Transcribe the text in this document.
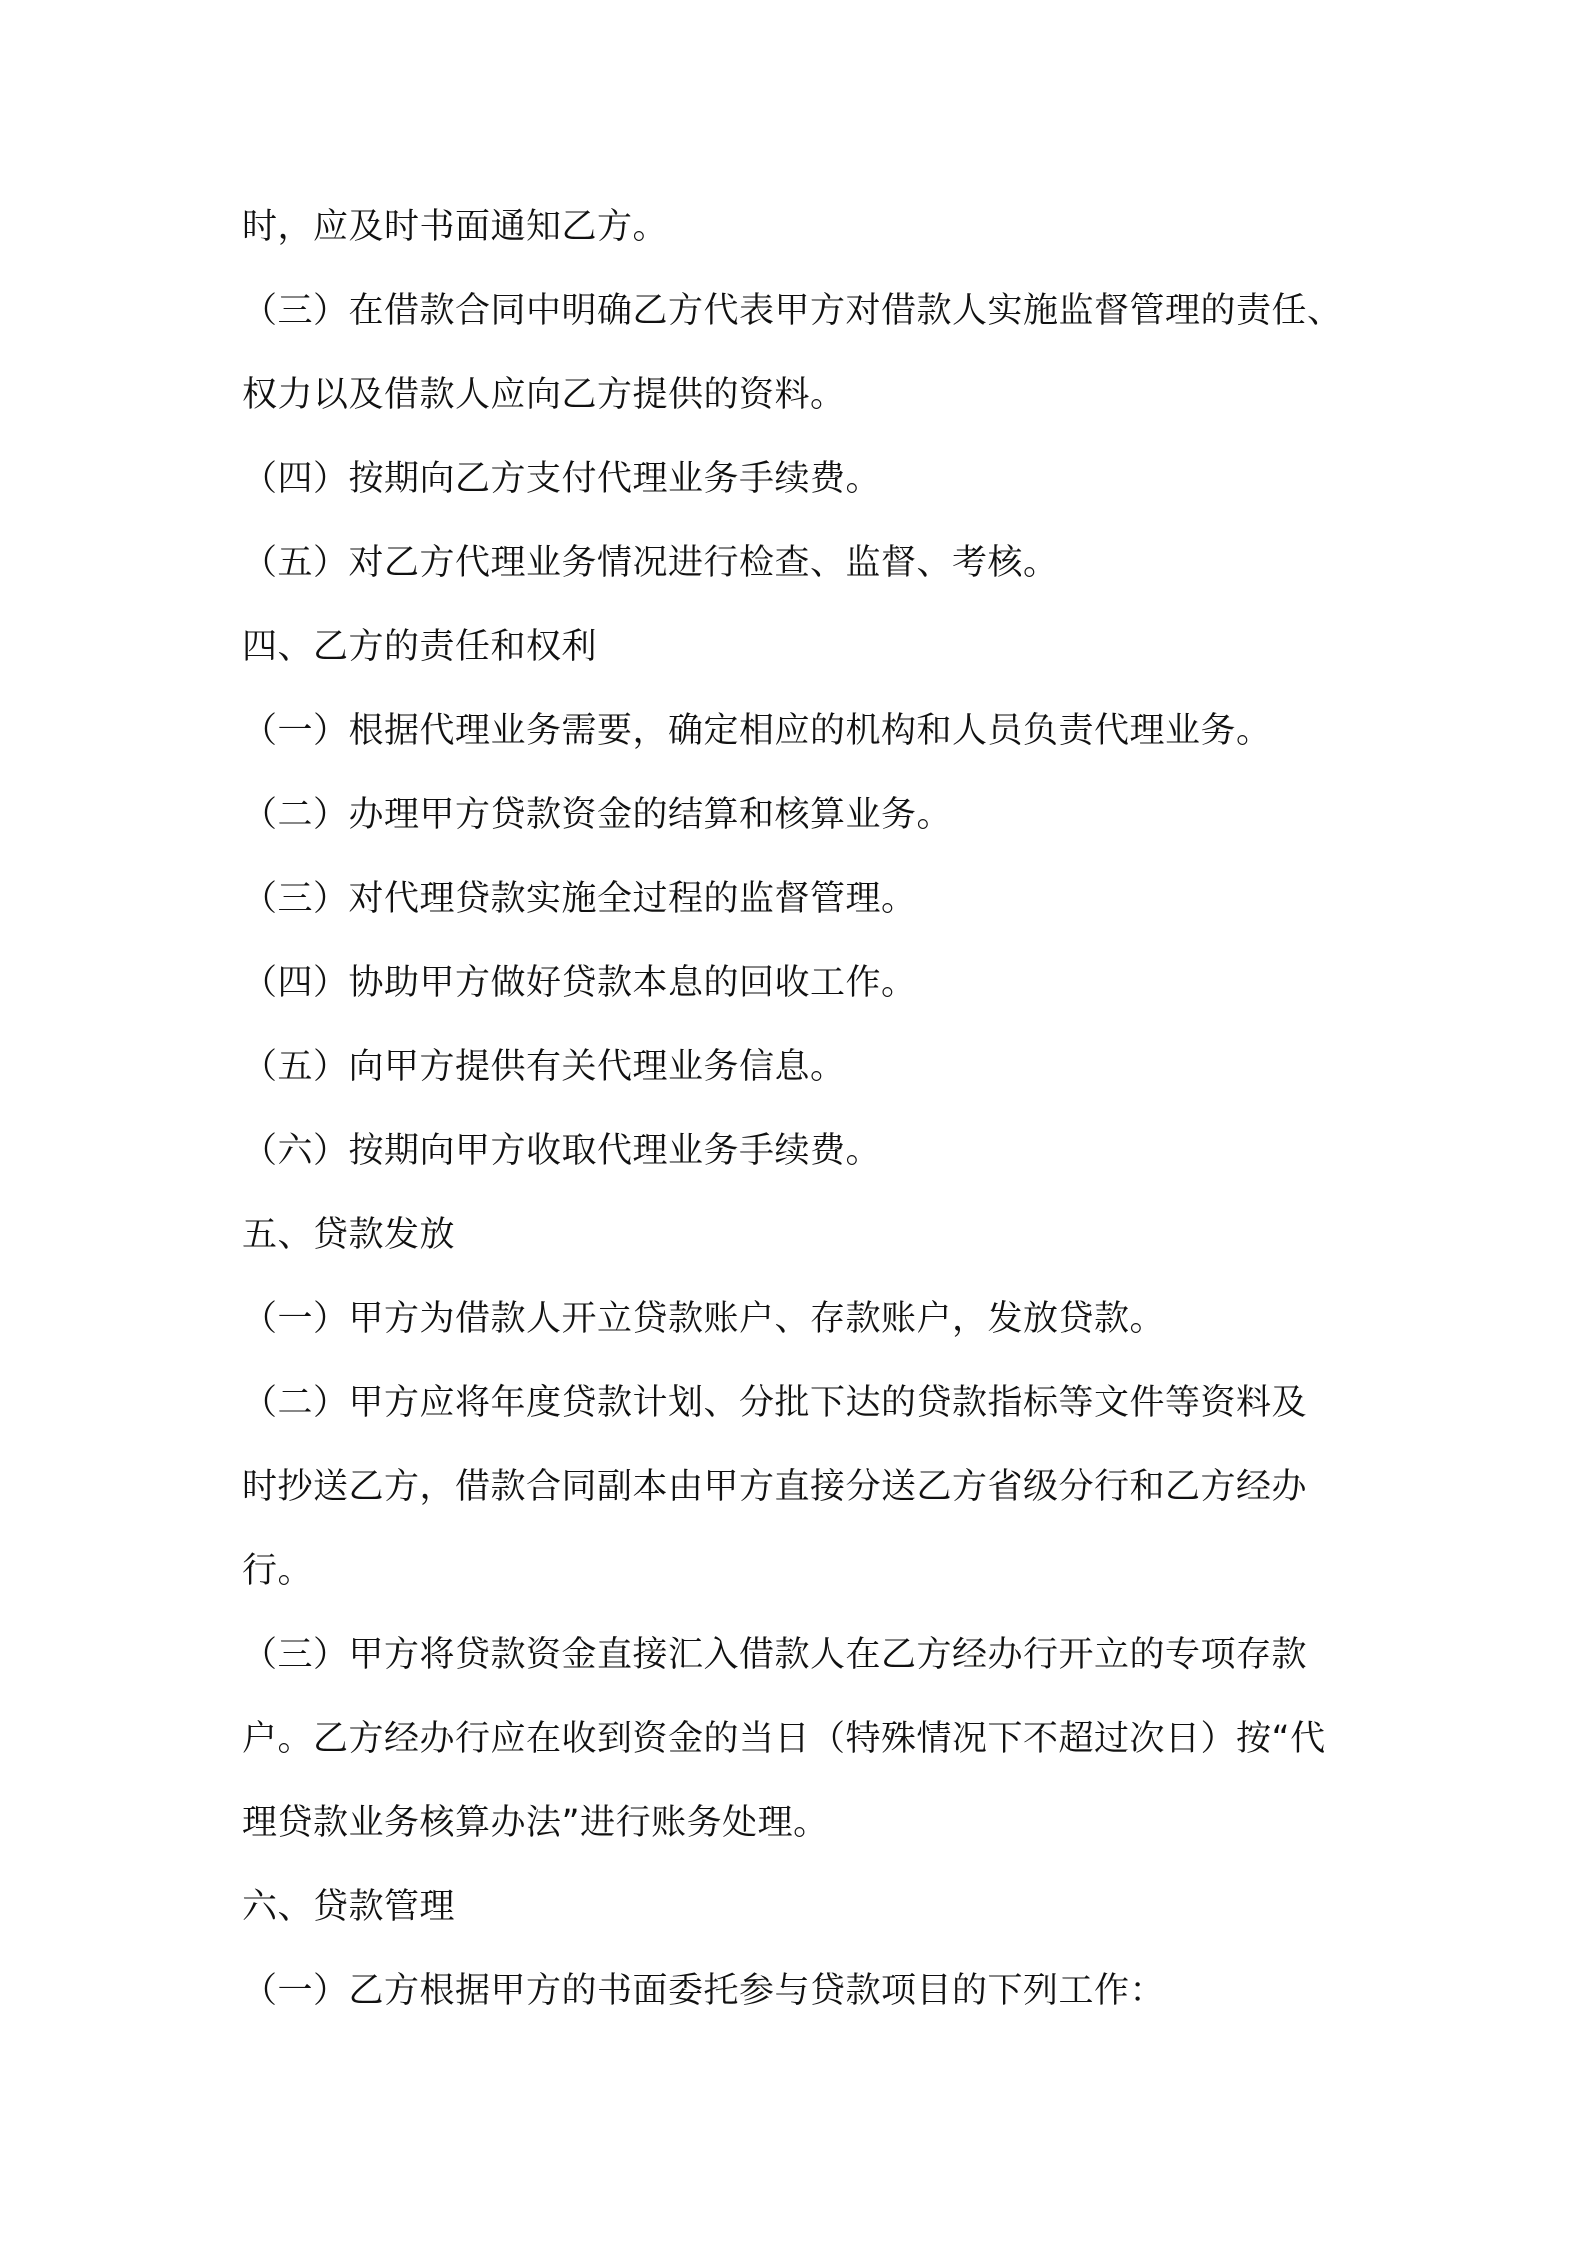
时，应及时书面通知乙方。
（三）在借款合同中明确乙方代表甲方对借款人实施监督管理的责任、
权力以及借款人应向乙方提供的资料。
（四）按期向乙方支付代理业务手续费。
（五）对乙方代理业务情况进行检查、监督、考核。
四、乙方的责任和权利
（一）根据代理业务需要，确定相应的机构和人员负责代理业务。
（二）办理甲方贷款资金的结算和核算业务。
（三）对代理贷款实施全过程的监督管理。
（四）协助甲方做好贷款本息的回收工作。
（五）向甲方提供有关代理业务信息。
（六）按期向甲方收取代理业务手续费。
五、贷款发放
（一）甲方为借款人开立贷款账户、存款账户，发放贷款。
（二）甲方应将年度贷款计划、分批下达的贷款指标等文件等资料及
时抄送乙方，借款合同副本由甲方直接分送乙方省级分行和乙方经办
行。
（三）甲方将贷款资金直接汇入借款人在乙方经办行开立的专项存款
户。乙方经办行应在收到资金的当日（特殊情况下不超过次日）按“代
理贷款业务核算办法”进行账务处理。
六、贷款管理
（一）乙方根据甲方的书面委托参与贷款项目的下列工作：
